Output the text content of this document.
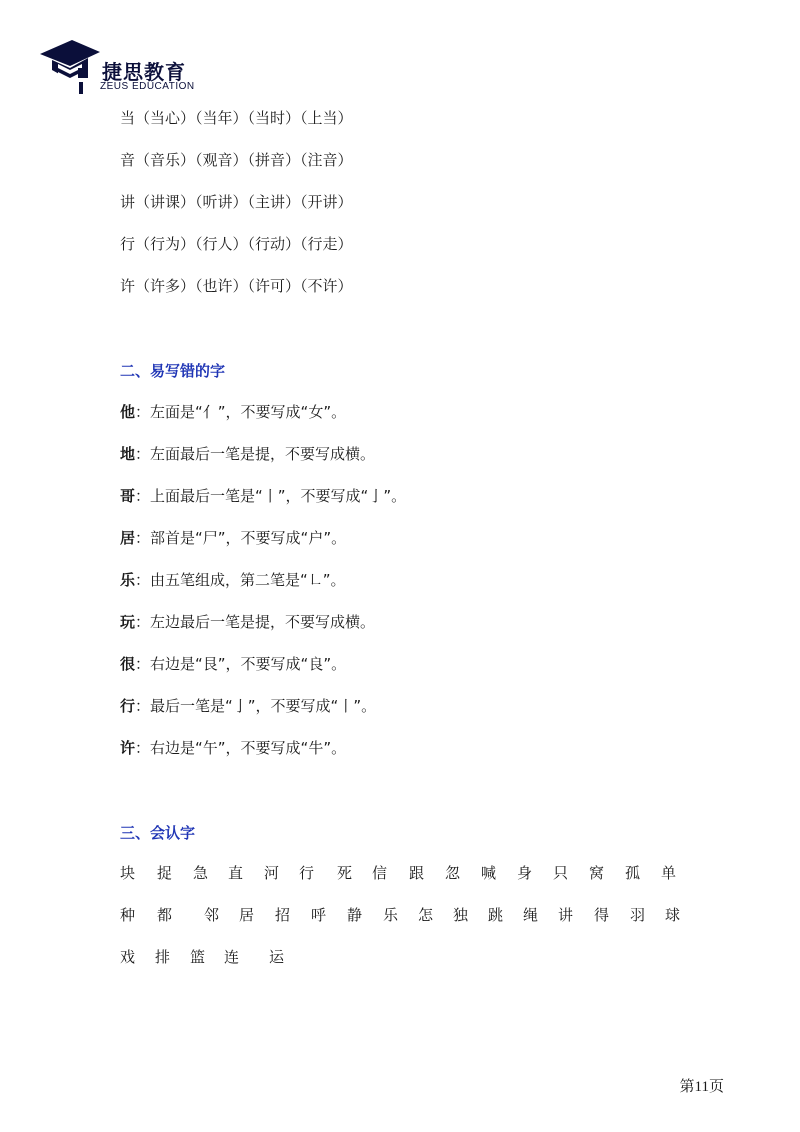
捷思教育
ZEUS EDUCATION
当（当心）（当年）（当时）（上当）
音（音乐）（观音）（拼音）（注音）
讲（讲课）（听讲）（主讲）（开讲）
行（行为）（行人）（行动）（行走）
许（许多）（也许）（许可）（不许）
二、易写错的字
他：左面是“亻”，不要写成“女”。
地：左面最后一笔是提，不要写成横。
哥：上面最后一笔是“丨”，不要写成“亅”。
居：部首是“尸”，不要写成“户”。
乐：由五笔组成，第二笔是“㇗”。
玩：左边最后一笔是提，不要写成横。
很：右边是“艮”，不要写成“良”。
行：最后一笔是“亅”，不要写成“丨”。
许：右边是“午”，不要写成“牛”。
三、会认字
块 捉 急 直 河 行 死 信 跟 忽 喊 身 只 窝 孤 单
种 都 邻 居 招 呼 静 乐 怎 独 跳 绳 讲 得 羽 球
戏 排 篮 连 运
第11页
